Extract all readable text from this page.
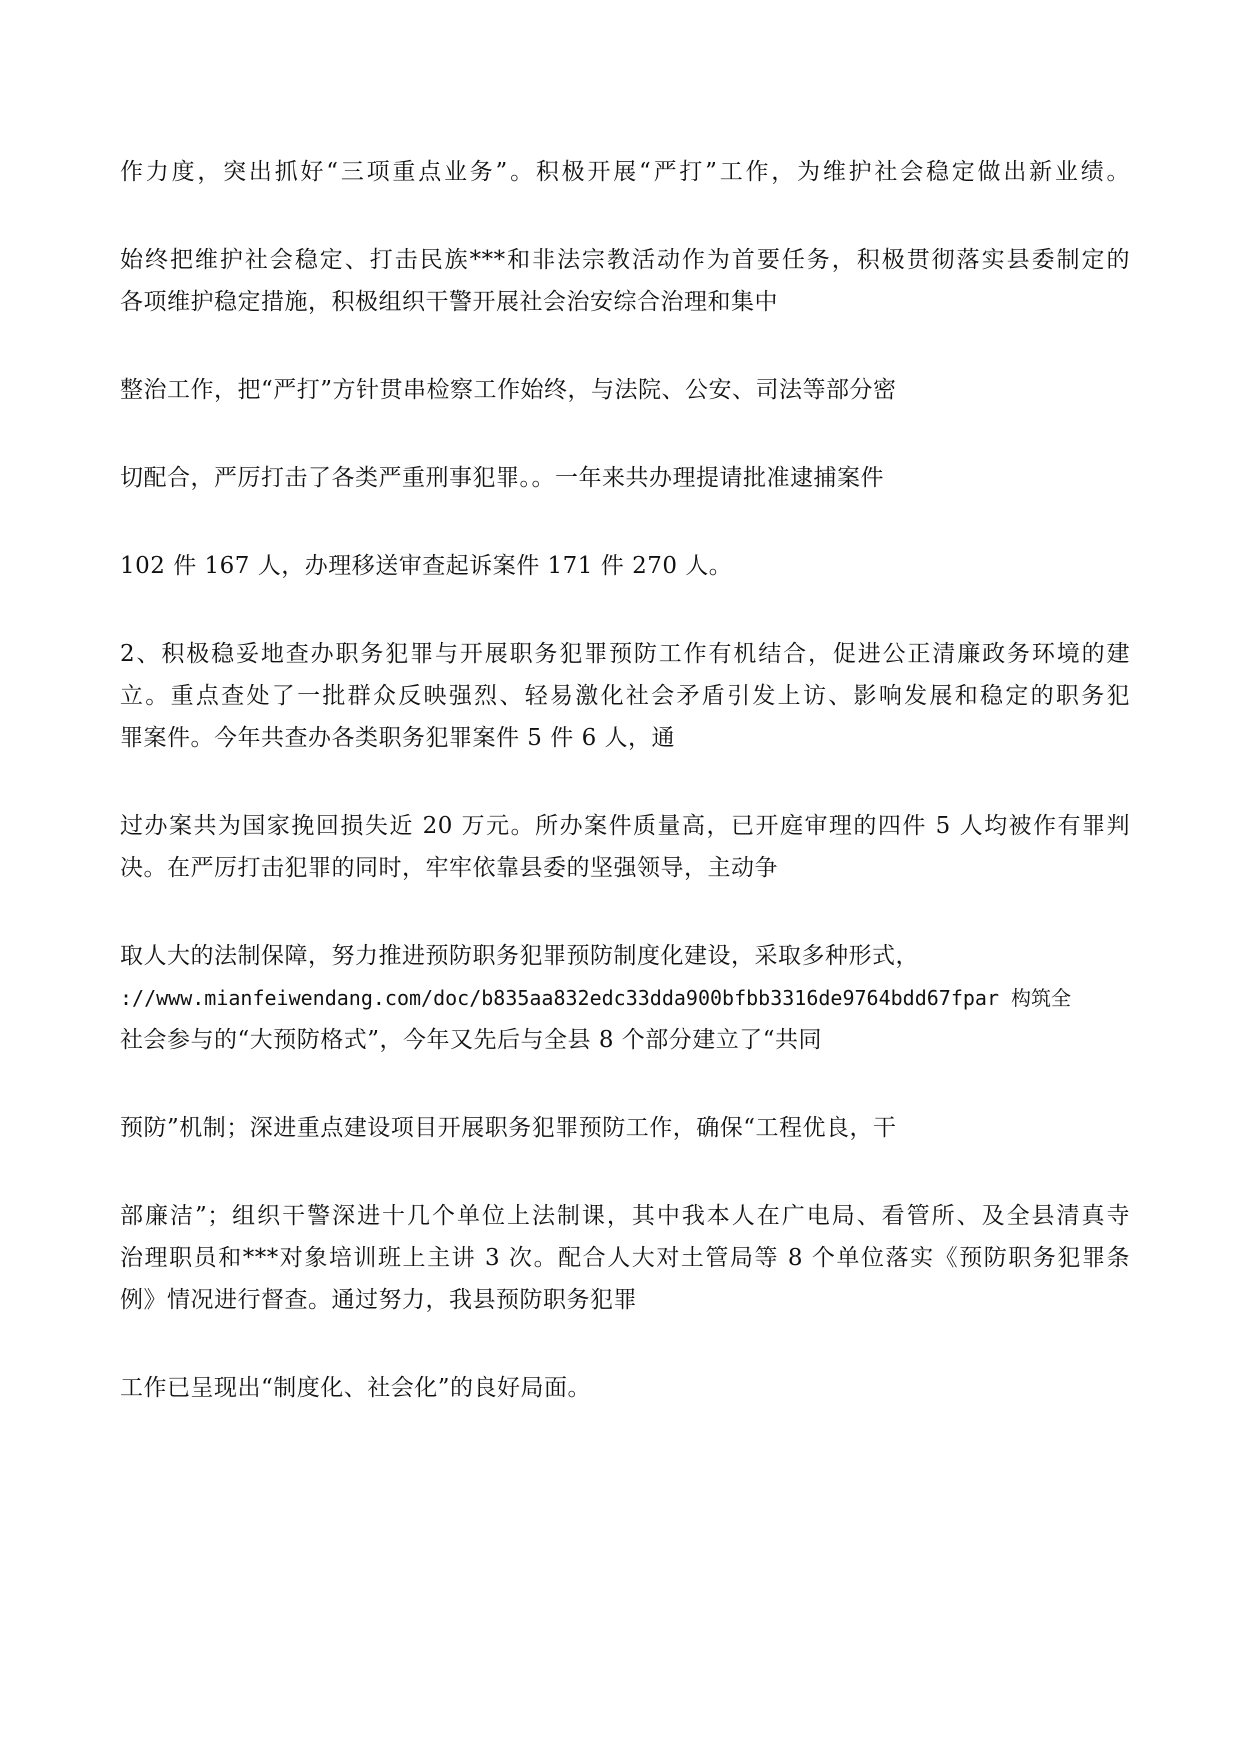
作力度，突出抓好“三项重点业务”。积极开展“严打”工作，为维护社会稳定做出新业绩。
始终把维护社会稳定、打击民族***和非法宗教活动作为首要任务，积极贯彻落实县委制定的
各项维护稳定措施，积极组织干警开展社会治安综合治理和集中
整治工作，把“严打”方针贯串检察工作始终，与法院、公安、司法等部分密
切配合，严厉打击了各类严重刑事犯罪。。一年来共办理提请批准逮捕案件
102 件 167 人，办理移送审查起诉案件 171 件 270 人。
2、积极稳妥地查办职务犯罪与开展职务犯罪预防工作有机结合，促进公正清廉政务环境的建
立。重点查处了一批群众反映强烈、轻易激化社会矛盾引发上访、影响发展和稳定的职务犯
罪案件。今年共查办各类职务犯罪案件 5 件 6 人，通
过办案共为国家挽回损失近 20 万元。所办案件质量高，已开庭审理的四件 5 人均被作有罪判
决。在严厉打击犯罪的同时，牢牢依靠县委的坚强领导，主动争
取人大的法制保障，努力推进预防职务犯罪预防制度化建设，采取多种形式，
://www.mianfeiwendang.com/doc/b835aa832edc33dda900bfbb3316de9764bdd67fpar 构筑全
社会参与的“大预防格式”，今年又先后与全县 8 个部分建立了“共同
预防”机制；深进重点建设项目开展职务犯罪预防工作，确保“工程优良，干
部廉洁”；组织干警深进十几个单位上法制课，其中我本人在广电局、看管所、及全县清真寺
治理职员和***对象培训班上主讲 3 次。配合人大对土管局等 8 个单位落实《预防职务犯罪条
例》情况进行督查。通过努力，我县预防职务犯罪
工作已呈现出“制度化、社会化”的良好局面。
